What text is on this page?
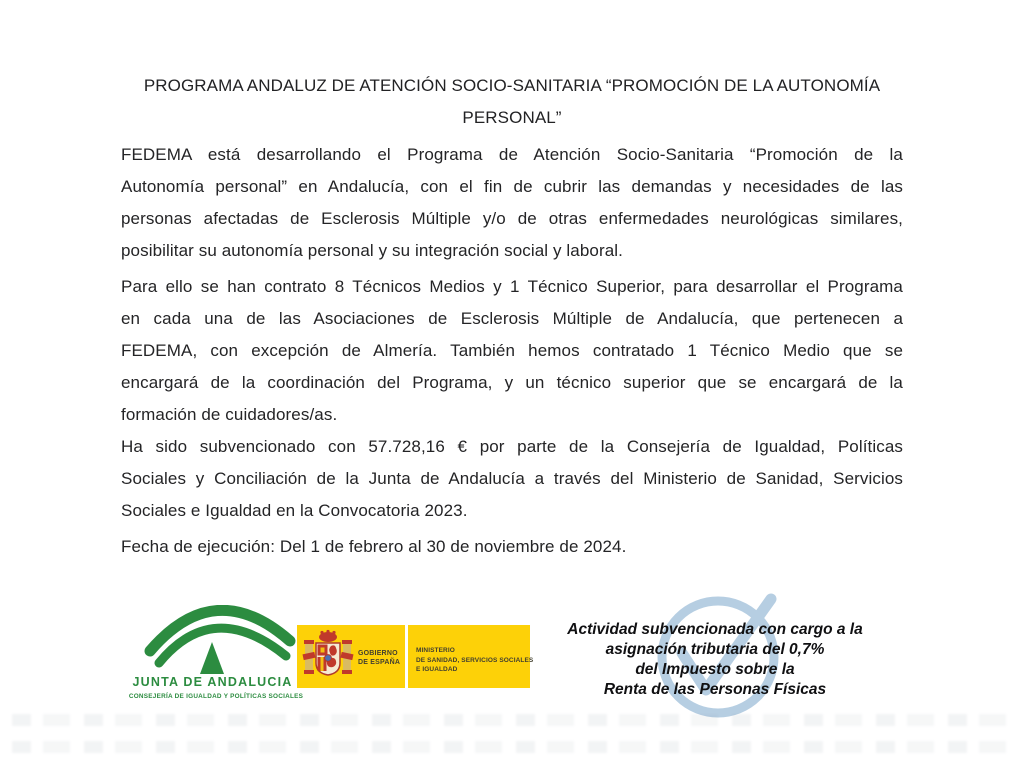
PROGRAMA ANDALUZ DE ATENCIÓN SOCIO-SANITARIA “PROMOCIÓN DE LA AUTONOMÍA
PERSONAL”
FEDEMA está desarrollando el Programa de Atención Socio-Sanitaria “Promoción de la
Autonomía personal” en Andalucía, con el fin de cubrir las demandas y necesidades de las
personas afectadas de Esclerosis Múltiple y/o de otras enfermedades neurológicas similares,
posibilitar su autonomía personal y su integración social y laboral.
Para ello se han contrato 8 Técnicos Medios y 1 Técnico Superior, para desarrollar el Programa
en cada una de las Asociaciones de Esclerosis Múltiple de Andalucía, que pertenecen a
FEDEMA, con excepción de Almería. También hemos contratado 1 Técnico Medio que se
encargará de la coordinación del Programa, y un técnico superior que se encargará de la
formación de cuidadores/as.
Ha sido subvencionado con 57.728,16 € por parte de la Consejería de Igualdad, Políticas
Sociales y Conciliación de la Junta de Andalucía a través del Ministerio de Sanidad, Servicios
Sociales e Igualdad en la Convocatoria 2023.
Fecha de ejecución: Del 1 de febrero al 30 de noviembre de 2024.
JUNTA DE ANDALUCIA
CONSEJERÍA DE IGUALDAD Y POLÍTICAS SOCIALES
GOBIERNO
DE ESPAÑA
MINISTERIO
DE SANIDAD, SERVICIOS SOCIALES
E IGUALDAD
Actividad subvencionada con cargo a la
asignación tributaria del 0,7%
del Impuesto sobre la
Renta de las Personas Físicas
